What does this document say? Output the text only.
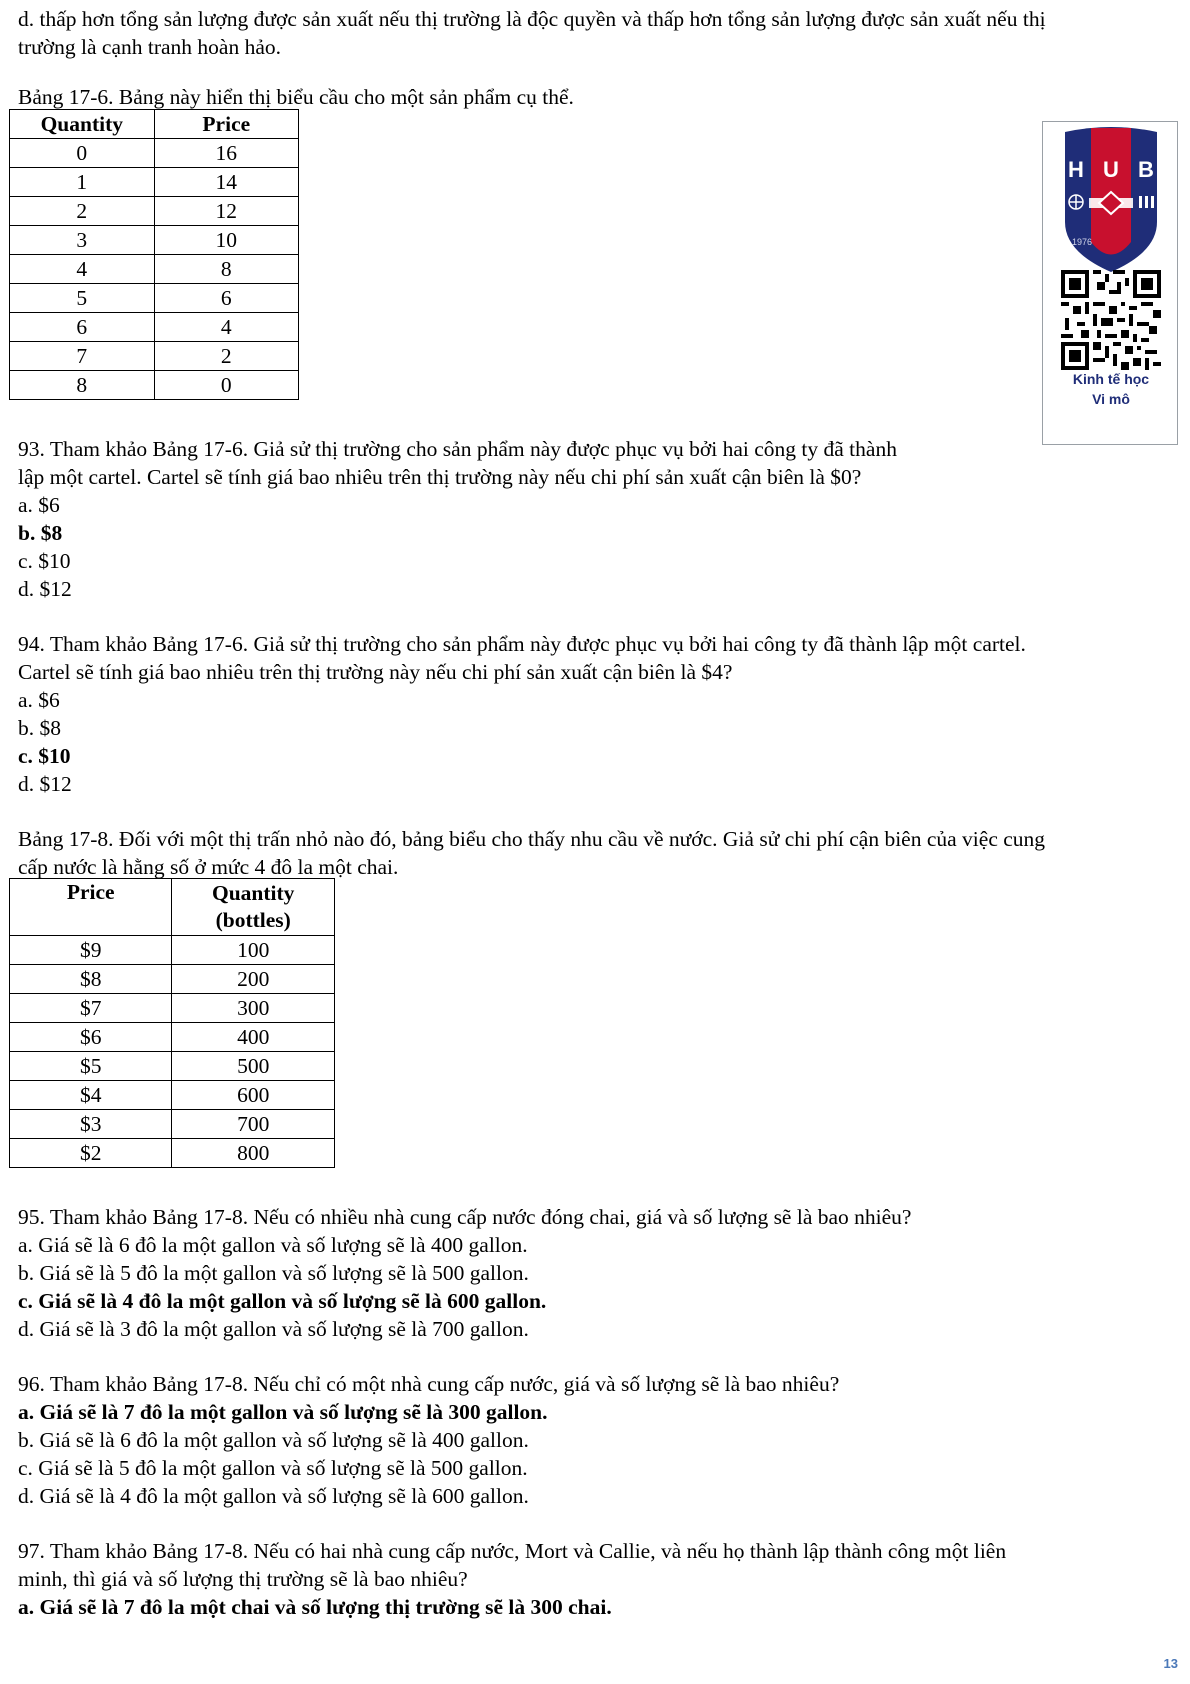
d. thấp hơn tổng sản lượng được sản xuất nếu thị trường là độc quyền và thấp hơn tổng sản lượng được sản xuất nếu thị
trường là cạnh tranh hoàn hảo.
Bảng 17-6. Bảng này hiển thị biểu cầu cho một sản phẩm cụ thể.
Quantity	Price
0	16
1	14
2	12
3	10
4	8
5	6
6	4
7	2
8	0
H U B
1976
Kinh tế học
Vi mô
93. Tham khảo Bảng 17-6. Giả sử thị trường cho sản phẩm này được phục vụ bởi hai công ty đã thành
lập một cartel. Cartel sẽ tính giá bao nhiêu trên thị trường này nếu chi phí sản xuất cận biên là $0?
a. $6
b. $8
c. $10
d. $12
94. Tham khảo Bảng 17-6. Giả sử thị trường cho sản phẩm này được phục vụ bởi hai công ty đã thành lập một cartel.
Cartel sẽ tính giá bao nhiêu trên thị trường này nếu chi phí sản xuất cận biên là $4?
a. $6
b. $8
c. $10
d. $12
Bảng 17-8. Đối với một thị trấn nhỏ nào đó, bảng biểu cho thấy nhu cầu về nước. Giả sử chi phí cận biên của việc cung
cấp nước là hằng số ở mức 4 đô la một chai.
Price	Quantity
(bottles)

$9	100
$8	200
$7	300
$6	400
$5	500
$4	600
$3	700
$2	800
95. Tham khảo Bảng 17-8. Nếu có nhiều nhà cung cấp nước đóng chai, giá và số lượng sẽ là bao nhiêu?
a. Giá sẽ là 6 đô la một gallon và số lượng sẽ là 400 gallon.
b. Giá sẽ là 5 đô la một gallon và số lượng sẽ là 500 gallon.
c. Giá sẽ là 4 đô la một gallon và số lượng sẽ là 600 gallon.
d. Giá sẽ là 3 đô la một gallon và số lượng sẽ là 700 gallon.
96. Tham khảo Bảng 17-8. Nếu chỉ có một nhà cung cấp nước, giá và số lượng sẽ là bao nhiêu?
a. Giá sẽ là 7 đô la một gallon và số lượng sẽ là 300 gallon.
b. Giá sẽ là 6 đô la một gallon và số lượng sẽ là 400 gallon.
c. Giá sẽ là 5 đô la một gallon và số lượng sẽ là 500 gallon.
d. Giá sẽ là 4 đô la một gallon và số lượng sẽ là 600 gallon.
97. Tham khảo Bảng 17-8. Nếu có hai nhà cung cấp nước, Mort và Callie, và nếu họ thành lập thành công một liên
minh, thì giá và số lượng thị trường sẽ là bao nhiêu?
a. Giá sẽ là 7 đô la một chai và số lượng thị trường sẽ là 300 chai.
13
